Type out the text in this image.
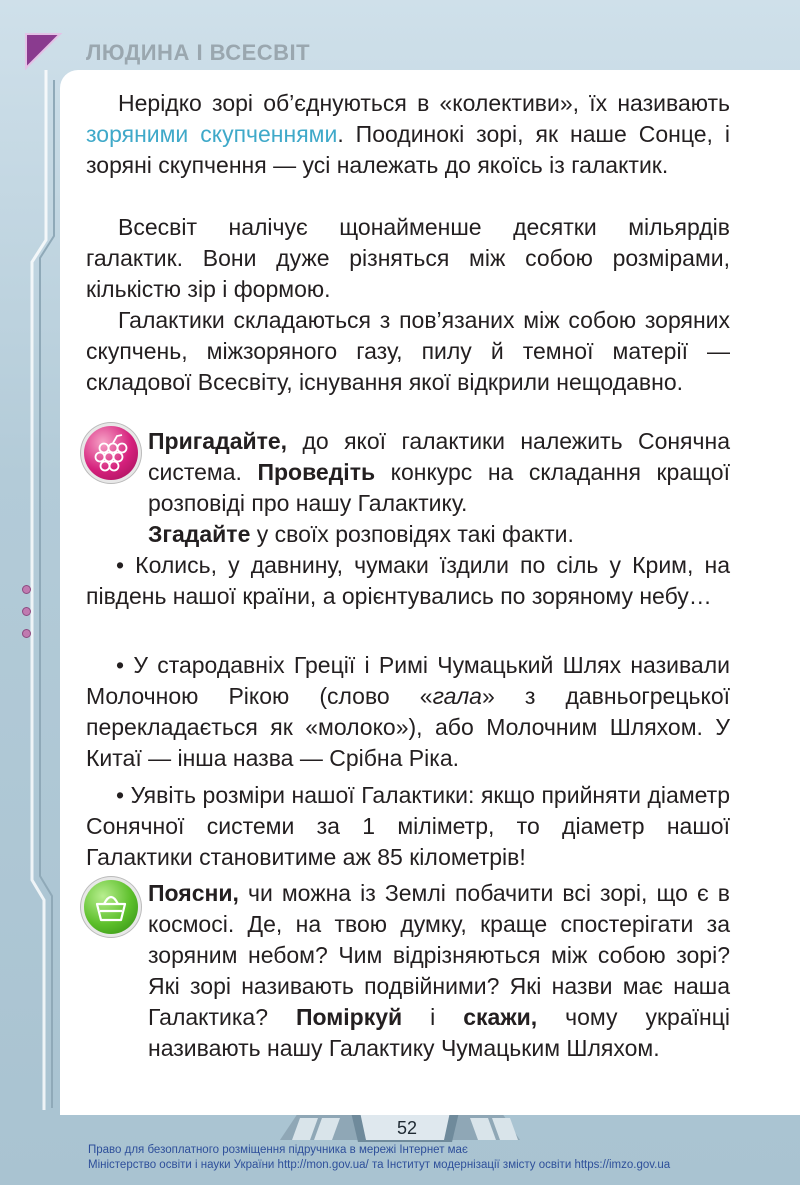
ЛЮДИНА І ВСЕСВІТ

Нерідко зорі об’єднуються в «колективи», їх називають зоряними скупченнями. Поодинокі зорі, як наше Сонце, і зоряні скупчення — усі належать до якоїсь із галактик.

Всесвіт налічує щонайменше десятки мільярдів галактик. Вони дуже різняться між собою розмірами, кількістю зір і формою.

Галактики складаються з пов’язаних між собою зоряних скупчень, міжзоряного газу, пилу й темної матерії — складової Всесвіту, існування якої відкрили нещодавно.

Пригадайте, до якої галактики належить Сонячна система. Проведіть конкурс на складання кращої розповіді про нашу Галактику.
Згадайте у своїх розповідях такі факти.

• Колись, у давнину, чумаки їздили по сіль у Крим, на південь нашої країни, а орієнтувались по зоряному небу…

• У стародавніх Греції і Римі Чумацький Шлях називали Молочною Рікою (слово «гала» з давньогрецької перекладається як «молоко»), або Молочним Шляхом. У Китаї — інша назва — Срібна Ріка.

• Уявіть розміри нашої Галактики: якщо прийняти діаметр Сонячної системи за 1 міліметр, то діаметр нашої Галактики становитиме аж 85 кілометрів!

Поясни, чи можна із Землі побачити всі зорі, що є в космосі. Де, на твою думку, краще спостерігати за зоряним небом? Чим відрізняються між собою зорі? Які зорі називають подвійними? Які назви має наша Галактика? Поміркуй і скажи, чому українці називають нашу Галактику Чумацьким Шляхом.

52
Право для безоплатного розміщення підручника в мережі Інтернет має
Міністерство освіти і науки України http://mon.gov.ua/ та Інститут модернізації змісту освіти https://imzo.gov.ua
